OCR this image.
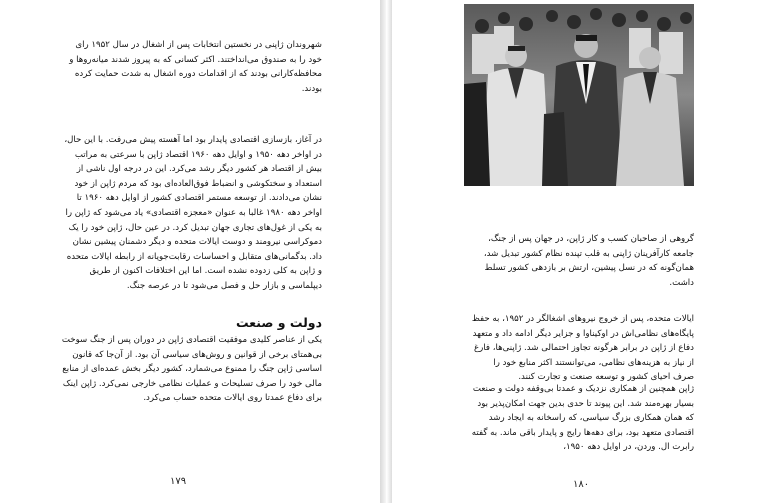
شهروندان ژاپنی در نخستین انتخابات پس از اشغال در سال ۱۹۵۲ رای خود را به صندوق می‌انداختند. اکثر کسانی که به پیروز شدند میانه‌روها و محافظه‌کارانی بودند که از اقدامات دوره اشغال به شدت حمایت کرده بودند.

در آغاز، بازسازی اقتصادی پایدار بود اما آهسته پیش می‌رفت. با این حال، در اواخر دهه ۱۹۵۰ و اوایل دهه ۱۹۶۰ اقتصاد ژاپن با سرعتی به مراتب بیش از اقتصاد هر کشور دیگر رشد می‌کرد. این در درجه اول ناشی از استعداد و سختکوشی و انضباط فوق‌العاده‌ای بود که مردم ژاپن از خود نشان می‌دادند. از توسعه مستمر اقتصادی کشور از اوایل دهه ۱۹۶۰ تا اواخر دهه ۱۹۸۰ غالبا به عنوان «معجزه اقتصادی» یاد می‌شود که ژاپن را به یکی از غول‌های تجاری جهان تبدیل کرد. در عین حال، ژاپن خود را یک دموکراسی نیرومند و دوست ایالات متحده و دیگر دشمنان پیشین نشان داد. بدگمانی‌های متقابل و احساسات رقابت‌جویانه از رابطه ایالات متحده و ژاپن به کلی زدوده نشده است. اما این اختلافات اکنون از طریق دیپلماسی و بازار حل و فصل می‌شود تا در عرصه جنگ.

دولت و صنعت

یکی از عناصر کلیدی موفقیت اقتصادی ژاپن در دوران پس از جنگ سوخت بی‌همتای برخی از قوانین و روش‌های سیاسی آن بود. از آن‌جا که قانون اساسی ژاپن جنگ را ممنوع می‌شمارد، کشور دیگر بخش عمده‌ای از منابع مالی خود را صرف تسلیحات و عملیات نظامی خارجی نمی‌کرد. ژاپن اینک برای دفاع عمدتا روی ایالات متحده حساب می‌کرد.

۱۷۹

گروهی از صاحبان کسب و کار ژاپن، در جهان پس از جنگ، جامعه کارآفرینان ژاپنی به قلب تپنده نظام کشور تبدیل شد، همان‌گونه که در نسل پیشین، ارتش بر بازدهی کشور تسلط داشت.

ایالات متحده، پس از خروج نیروهای اشغالگر در ۱۹۵۲، به حفظ پایگاه‌های نظامی‌اش در اوکیناوا و جزایر دیگر ادامه داد و متعهد دفاع از ژاپن در برابر هرگونه تجاوز احتمالی شد. ژاپنی‌ها، فارغ از نیاز به هزینه‌های نظامی، می‌توانستند اکثر منابع خود را صرف احیای کشور و توسعه صنعت و تجارت کنند.

ژاپن همچنین از همکاری نزدیک و عمدتا بی‌وقفه دولت و صنعت بسیار بهره‌مند شد. این پیوند تا حدی بدین جهت امکان‌پذیر بود که همان همکاری بزرگ سیاسی، که راسخانه به ایجاد رشد اقتصادی متعهد بود، برای دهه‌ها رایج و پایدار باقی ماند. به گفته رابرت ال. وردن، در اوایل دهه ۱۹۵۰،

۱۸۰
